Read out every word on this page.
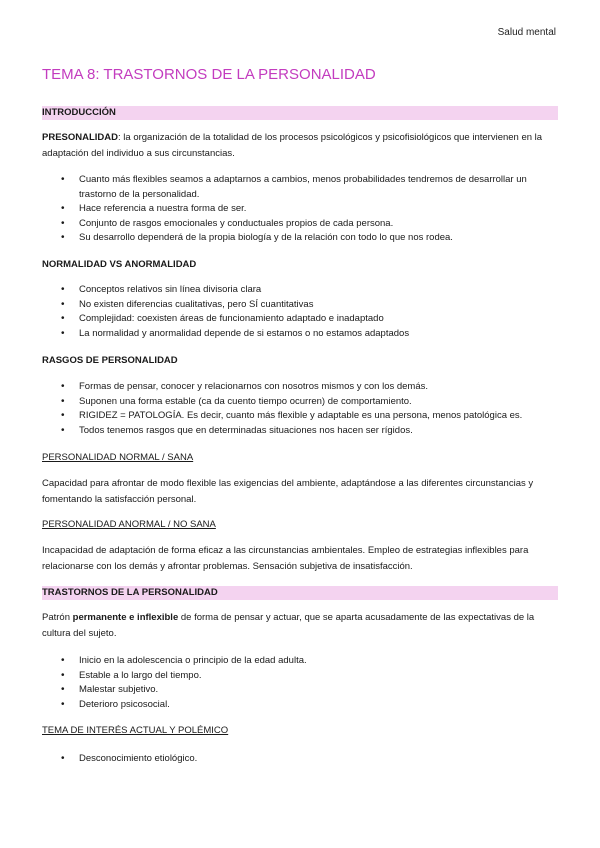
Salud mental
TEMA 8: TRASTORNOS DE LA PERSONALIDAD
INTRODUCCIÓN
PRESONALIDAD: la organización de la totalidad de los procesos psicológicos y psicofisiológicos que intervienen en la adaptación del individuo a sus circunstancias.
• Cuanto más flexibles seamos a adaptarnos a cambios, menos probabilidades tendremos de desarrollar un trastorno de la personalidad.
• Hace referencia a nuestra forma de ser.
• Conjunto de rasgos emocionales y conductuales propios de cada persona.
• Su desarrollo dependerá de la propia biología y de la relación con todo lo que nos rodea.
NORMALIDAD VS ANORMALIDAD
• Conceptos relativos sin línea divisoria clara
• No existen diferencias cualitativas, pero SÍ cuantitativas
• Complejidad: coexisten áreas de funcionamiento adaptado e inadaptado
• La normalidad y anormalidad depende de si estamos o no estamos adaptados
RASGOS DE PERSONALIDAD
• Formas de pensar, conocer y relacionarnos con nosotros mismos y con los demás.
• Suponen una forma estable (ca da cuento tiempo ocurren) de comportamiento.
• RIGIDEZ = PATOLOGÍA. Es decir, cuanto más flexible y adaptable es una persona, menos patológica es.
• Todos tenemos rasgos que en determinadas situaciones nos hacen ser rígidos.
PERSONALIDAD NORMAL / SANA
Capacidad para afrontar de modo flexible las exigencias del ambiente, adaptándose a las diferentes circunstancias y fomentando la satisfacción personal.
PERSONALIDAD ANORMAL / NO SANA
Incapacidad de adaptación de forma eficaz a las circunstancias ambientales. Empleo de estrategias inflexibles para relacionarse con los demás y afrontar problemas. Sensación subjetiva de insatisfacción.
TRASTORNOS DE LA PERSONALIDAD
Patrón permanente e inflexible de forma de pensar y actuar, que se aparta acusadamente de las expectativas de la cultura del sujeto.
• Inicio en la adolescencia o principio de la edad adulta.
• Estable a lo largo del tiempo.
• Malestar subjetivo.
• Deterioro psicosocial.
TEMA DE INTERÉS ACTUAL Y POLÉMICO
• Desconocimiento etiológico.
